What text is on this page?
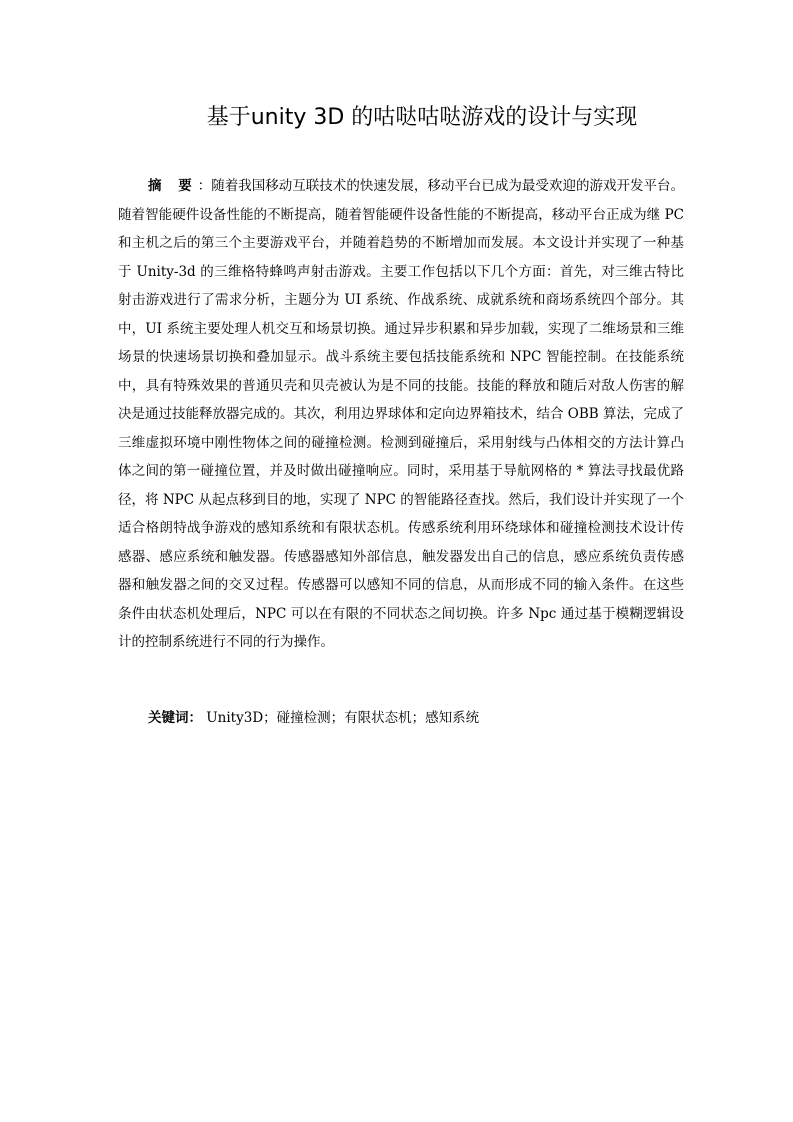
基于unity 3D 的咕哒咕哒游戏的设计与实现

摘 要：随着我国移动互联技术的快速发展，移动平台已成为最受欢迎的游戏开发平台。随着智能硬件设备性能的不断提高，随着智能硬件设备性能的不断提高，移动平台正成为继 PC 和主机之后的第三个主要游戏平台，并随着趋势的不断增加而发展。本文设计并实现了一种基于 Unity-3d 的三维格特蜂鸣声射击游戏。主要工作包括以下几个方面：首先，对三维古特比射击游戏进行了需求分析，主题分为 UI 系统、作战系统、成就系统和商场系统四个部分。其中，UI 系统主要处理人机交互和场景切换。通过异步积累和异步加载，实现了二维场景和三维场景的快速场景切换和叠加显示。战斗系统主要包括技能系统和 NPC 智能控制。在技能系统中，具有特殊效果的普通贝壳和贝壳被认为是不同的技能。技能的释放和随后对敌人伤害的解决是通过技能释放器完成的。其次，利用边界球体和定向边界箱技术，结合 OBB 算法，完成了三维虚拟环境中刚性物体之间的碰撞检测。检测到碰撞后，采用射线与凸体相交的方法计算凸体之间的第一碰撞位置，并及时做出碰撞响应。同时，采用基于导航网格的 * 算法寻找最优路径，将 NPC 从起点移到目的地，实现了 NPC 的智能路径查找。然后，我们设计并实现了一个适合格朗特战争游戏的感知系统和有限状态机。传感系统利用环绕球体和碰撞检测技术设计传感器、感应系统和触发器。传感器感知外部信息，触发器发出自己的信息，感应系统负责传感器和触发器之间的交叉过程。传感器可以感知不同的信息，从而形成不同的输入条件。在这些条件由状态机处理后，NPC 可以在有限的不同状态之间切换。许多 Npc 通过基于模糊逻辑设计的控制系统进行不同的行为操作。

关键词： Unity3D；碰撞检测；有限状态机；感知系统
